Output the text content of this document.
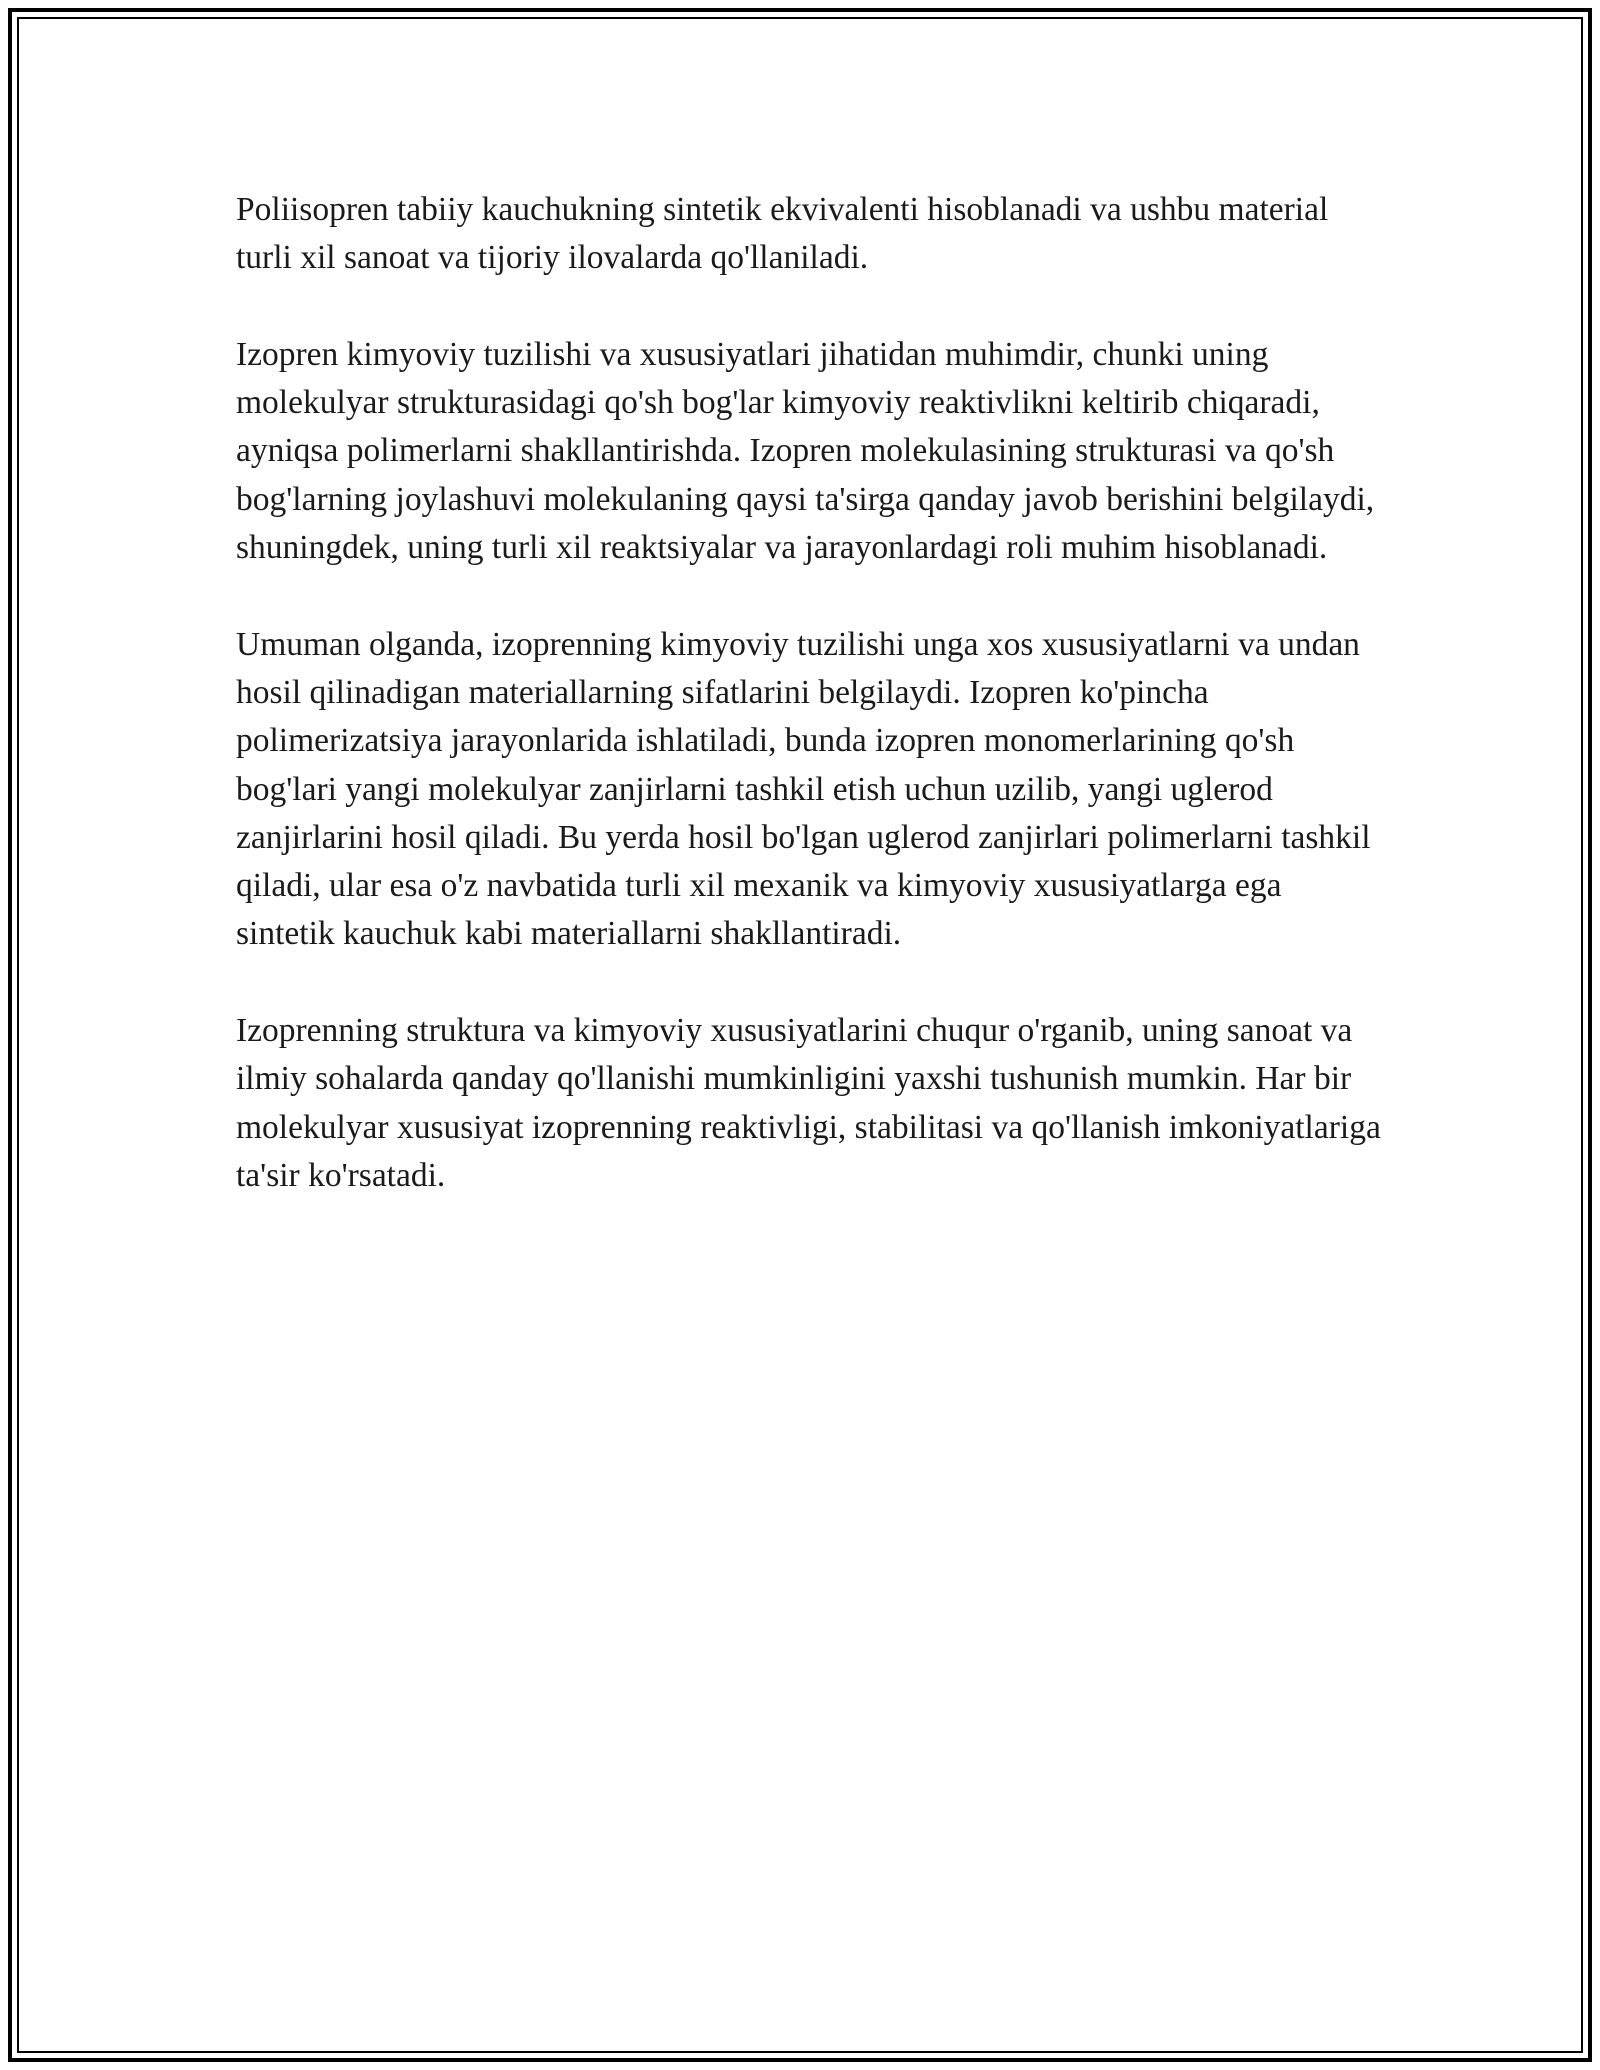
Poliisopren tabiiy kauchukning sintetik ekvivalenti hisoblanadi va ushbu material turli xil sanoat va tijoriy ilovalarda qo'llaniladi.

Izopren kimyoviy tuzilishi va xususiyatlari jihatidan muhimdir, chunki uning molekulyar strukturasidagi qo'sh bog'lar kimyoviy reaktivlikni keltirib chiqaradi, ayniqsa polimerlarni shakllantirishda. Izopren molekulasining strukturasi va qo'sh bog'larning joylashuvi molekulaning qaysi ta'sirga qanday javob berishini belgilaydi, shuningdek, uning turli xil reaktsiyalar va jarayonlardagi roli muhim hisoblanadi.

Umuman olganda, izoprenning kimyoviy tuzilishi unga xos xususiyatlarni va undan hosil qilinadigan materiallarning sifatlarini belgilaydi. Izopren ko'pincha polimerizatsiya jarayonlarida ishlatiladi, bunda izopren monomerlarining qo'sh bog'lari yangi molekulyar zanjirlarni tashkil etish uchun uzilib, yangi uglerod zanjirlarini hosil qiladi. Bu yerda hosil bo'lgan uglerod zanjirlari polimerlarni tashkil qiladi, ular esa o'z navbatida turli xil mexanik va kimyoviy xususiyatlarga ega sintetik kauchuk kabi materiallarni shakllantiradi.

Izoprenning struktura va kimyoviy xususiyatlarini chuqur o'rganib, uning sanoat va ilmiy sohalarda qanday qo'llanishi mumkinligini yaxshi tushunish mumkin. Har bir molekulyar xususiyat izoprenning reaktivligi, stabilitasi va qo'llanish imkoniyatlariga ta'sir ko'rsatadi.
